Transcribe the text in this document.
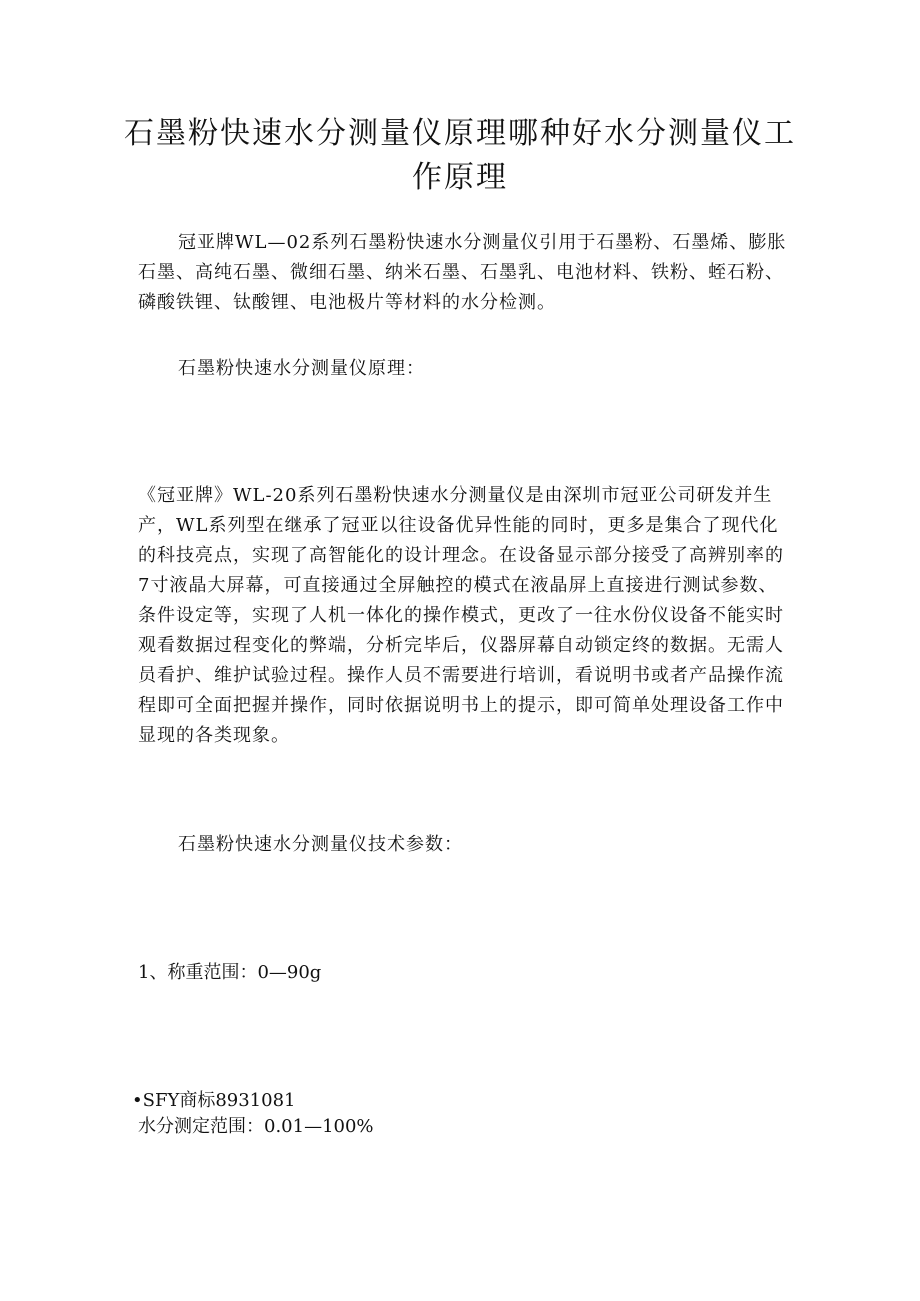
石墨粉快速水分测量仪原理哪种好水分测量仪工作原理

冠亚牌WL—02系列石墨粉快速水分测量仪引用于石墨粉、石墨烯、膨胀石墨、高纯石墨、微细石墨、纳米石墨、石墨乳、电池材料、铁粉、蛭石粉、磷酸铁锂、钛酸锂、电池极片等材料的水分检测。

石墨粉快速水分测量仪原理：

《冠亚牌》WL-20系列石墨粉快速水分测量仪是由深圳市冠亚公司研发并生产，WL系列型在继承了冠亚以往设备优异性能的同时，更多是集合了现代化的科技亮点，实现了高智能化的设计理念。在设备显示部分接受了高辨别率的7寸液晶大屏幕，可直接通过全屏触控的模式在液晶屏上直接进行测试参数、条件设定等，实现了人机一体化的操作模式，更改了一往水份仪设备不能实时观看数据过程变化的弊端，分析完毕后，仪器屏幕自动锁定终的数据。无需人员看护、维护试验过程。操作人员不需要进行培训，看说明书或者产品操作流程即可全面把握并操作，同时依据说明书上的提示，即可简单处理设备工作中显现的各类现象。

石墨粉快速水分测量仪技术参数：

1、称重范围：0—90g

•SFY商标8931081

水分测定范围：0.01—100%
